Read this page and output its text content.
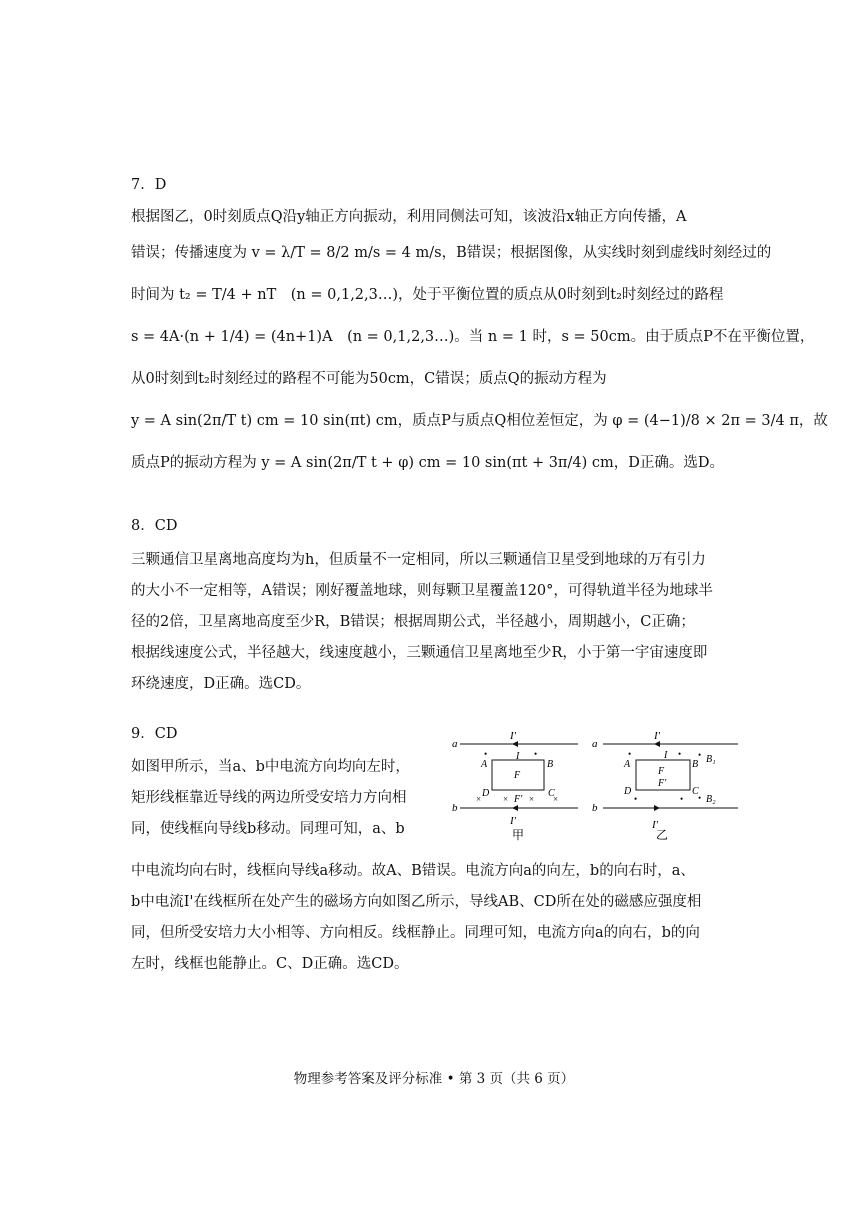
7．D
根据图乙，0时刻质点Q沿y轴正方向振动，利用同侧法可知，该波沿x轴正方向传播，A
错误；传播速度为 v = λ/T = 8/2 m/s = 4 m/s，B错误；根据图像，从实线时刻到虚线时刻经过的
时间为 t₂ = T/4 + nT　(n = 0,1,2,3…)，处于平衡位置的质点从0时刻到t₂时刻经过的路程
s = 4A·(n + 1/4) = (4n+1)A　(n = 0,1,2,3…)。当 n = 1 时，s = 50cm。由于质点P不在平衡位置，
从0时刻到t₂时刻经过的路程不可能为50cm，C错误；质点Q的振动方程为
y = A sin(2π/T t) cm = 10 sin(πt) cm，质点P与质点Q相位差恒定，为 φ = (4−1)/8 × 2π = 3/4 π，故
质点P的振动方程为 y = A sin(2π/T t + φ) cm = 10 sin(πt + 3π/4) cm，D正确。选D。
8．CD
三颗通信卫星离地高度均为h，但质量不一定相同，所以三颗通信卫星受到地球的万有引力
的大小不一定相等，A错误；刚好覆盖地球，则每颗卫星覆盖120°，可得轨道半径为地球半
径的2倍，卫星离地高度至少R，B错误；根据周期公式，半径越小，周期越小，C正确；
根据线速度公式，半径越大，线速度越小，三颗通信卫星离地至少R，小于第一宇宙速度即
环绕速度，D正确。选CD。
9．CD
如图甲所示，当a、b中电流方向均向左时，
矩形线框靠近导线的两边所受安培力方向相
同，使线框向导线b移动。同理可知，a、b
中电流均向右时，线框向导线a移动。故A、B错误。电流方向a的向左，b的向右时，a、
b中电流I'在线框所在处产生的磁场方向如图乙所示，导线AB、CD所在处的磁感应强度相
同，但所受安培力大小相等、方向相反。线框静止。同理可知，电流方向a的向右，b的向
左时，线框也能静止。C、D正确。选CD。
a
b
I′
I′
A	B
C
D
I
F
F′
•	•
× × × ×
甲
a
b
I′
I′
A	B
C
D
I
F
F′
B₁
B₂
•	• •
•	• •
乙
物理参考答案及评分标准 • 第 3 页（共 6 页）
